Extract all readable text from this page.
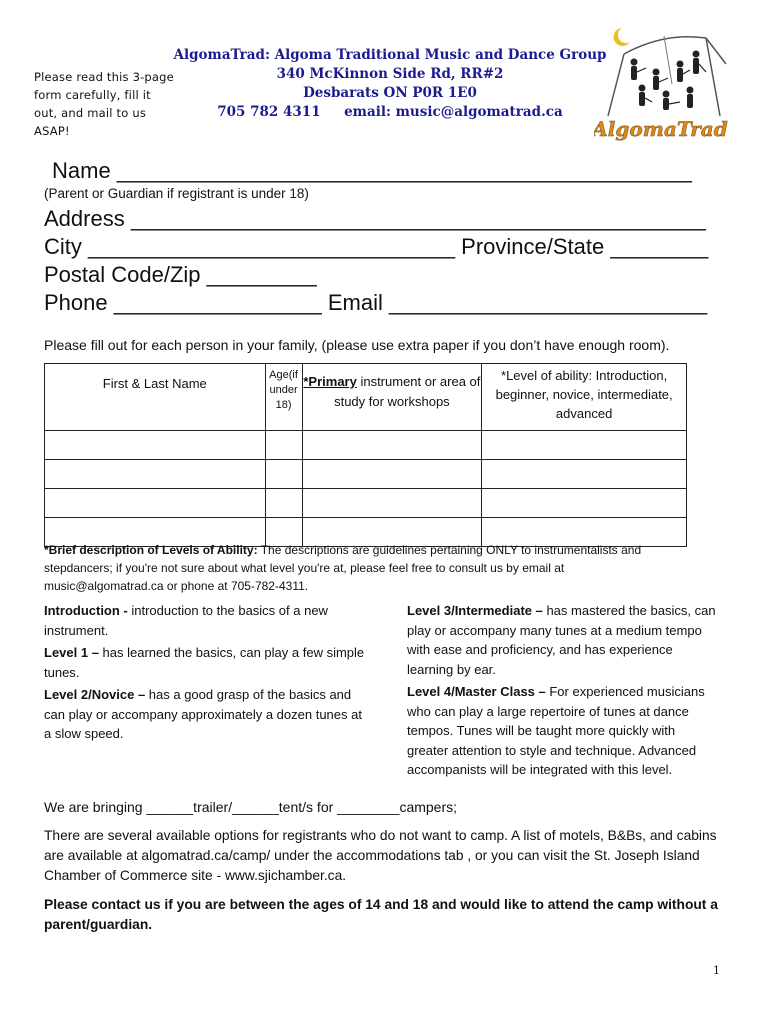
Please read this 3-page form carefully, fill it out, and mail to us ASAP!
AlgomaTrad: Algoma Traditional Music and Dance Group
340 McKinnon Side Rd, RR#2
Desbarats ON P0R 1E0
705 782 4311     email: music@algomatrad.ca
AlgomaTrad
Name _______________________________________________
(Parent or Guardian if registrant is under 18)
Address _______________________________________________
City ______________________________ Province/State ________
Postal Code/Zip _________
Phone _________________ Email __________________________
Please fill out for each person in your family, (please use extra paper if you don’t have enough room).
First & Last Name	Age(if under 18)	*Primary instrument or area of study for workshops	*Level of ability: Introduction, beginner, novice, intermediate, advanced

*Brief description of Levels of Ability: The descriptions are guidelines pertaining ONLY to instrumentalists and stepdancers; if you're not sure about what level you're at, please feel free to consult us by email at music@algomatrad.ca or phone at 705-782-4311.
Introduction - introduction to the basics of a new instrument.
Level 1 – has learned the basics, can play a few simple tunes.
Level 2/Novice – has a good grasp of the basics and can play or accompany approximately a dozen tunes at a slow speed.
Level 3/Intermediate – has mastered the basics, can play or accompany many tunes at a medium tempo with ease and proficiency, and has experience learning by ear.
Level 4/Master Class – For experienced musicians who can play a large repertoire of tunes at dance tempos. Tunes will be taught more quickly with greater attention to style and technique. Advanced accompanists will be integrated with this level.
We are bringing ______trailer/______tent/s for ________campers;
There are several available options for registrants who do not want to camp. A list of motels, B&Bs, and cabins are available at algomatrad.ca/camp/ under the accommodations tab , or you can visit the St. Joseph Island Chamber of Commerce site - www.sjichamber.ca.
Please contact us if you are between the ages of 14 and 18 and would like to attend the camp without a parent/guardian.
1
